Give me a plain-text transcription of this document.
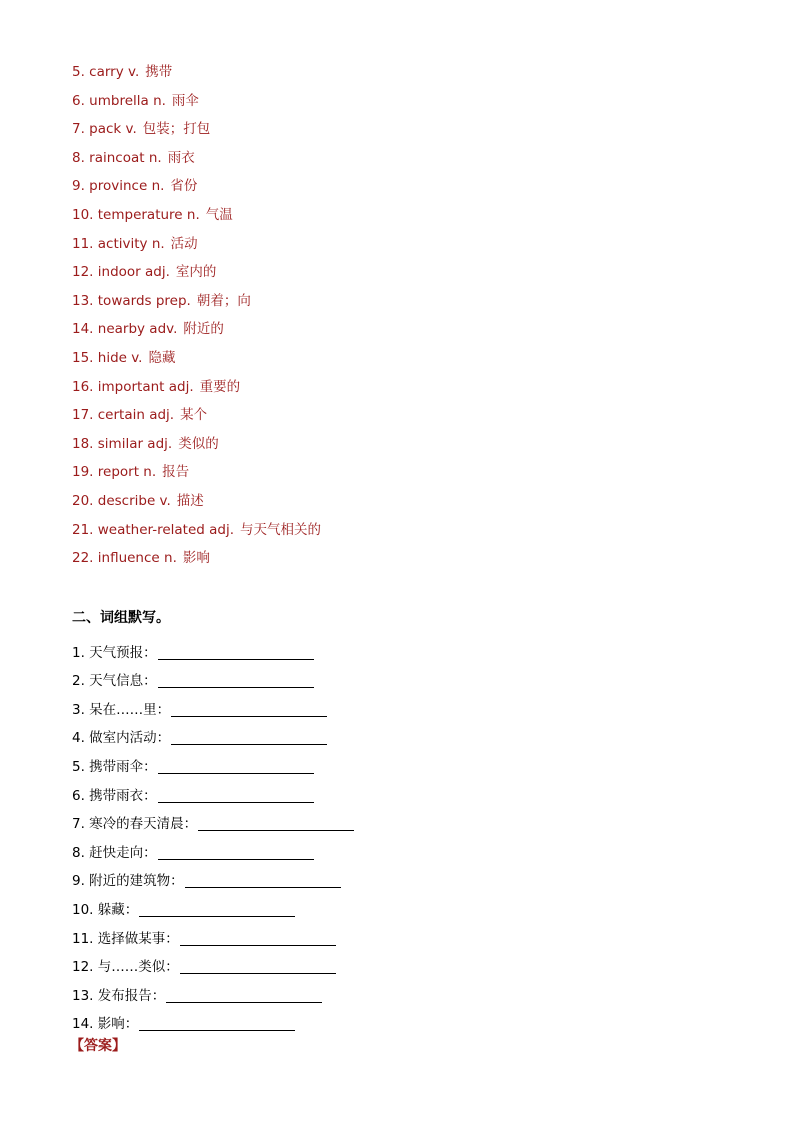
5. carry v. 携带
6. umbrella n. 雨伞
7. pack v. 包装；打包
8. raincoat n. 雨衣
9. province n. 省份
10. temperature n. 气温
11. activity n. 活动
12. indoor adj. 室内的
13. towards prep. 朝着；向
14. nearby adv. 附近的
15. hide v. 隐藏
16. important adj. 重要的
17. certain adj. 某个
18. similar adj. 类似的
19. report n. 报告
20. describe v. 描述
21. weather-related adj. 与天气相关的
22. influence n. 影响
二、词组默写。
1. 天气预报：
2. 天气信息：
3. 呆在……里：
4. 做室内活动：
5. 携带雨伞：
6. 携带雨衣：
7. 寒冷的春天清晨：
8. 赶快走向：
9. 附近的建筑物：
10. 躲藏：
11. 选择做某事：
12. 与……类似：
13. 发布报告：
14. 影响：
【答案】
